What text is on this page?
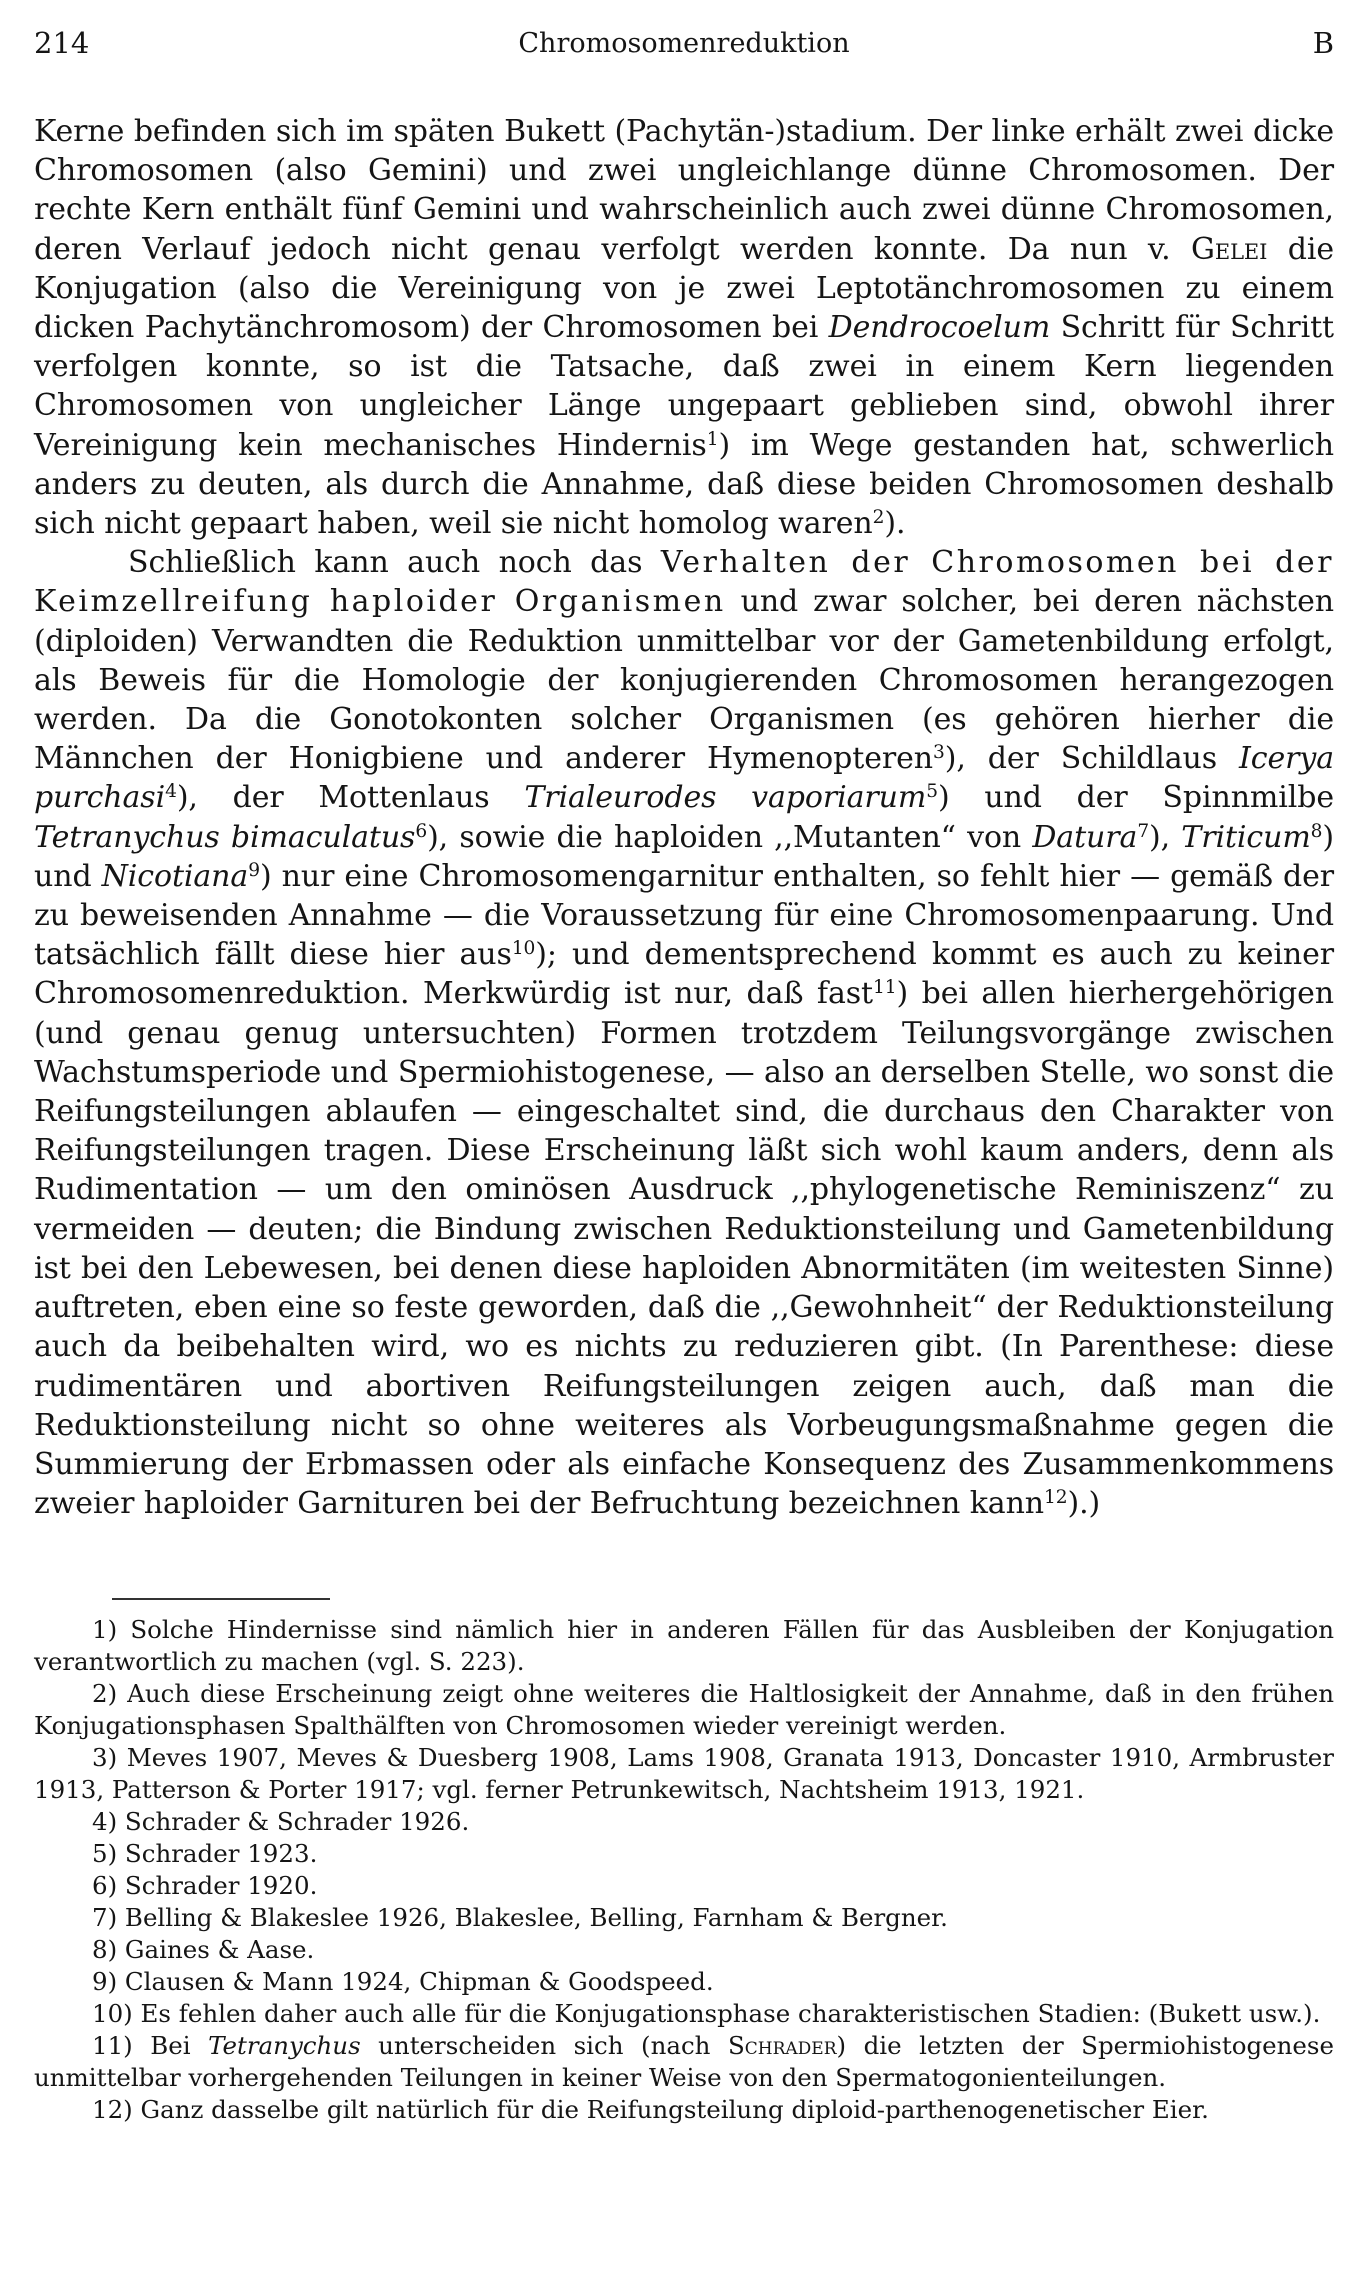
214	Chromosomenreduktion	B

Kerne befinden sich im späten Bukett (Pachytän-)stadium. Der linke erhält zwei dicke Chromosomen (also Gemini) und zwei ungleichlange dünne Chromosomen. Der rechte Kern enthält fünf Gemini und wahrscheinlich auch zwei dünne Chromosomen, deren Verlauf jedoch nicht genau verfolgt werden konnte. Da nun v. Gelei die Konjugation (also die Vereinigung von je zwei Leptotänchromosomen zu einem dicken Pachytänchromosom) der Chromosomen bei Dendrocoelum Schritt für Schritt verfolgen konnte, so ist die Tatsache, daß zwei in einem Kern liegenden Chromosomen von ungleicher Länge ungepaart geblieben sind, obwohl ihrer Vereinigung kein mechanisches Hindernis$^1$) im Wege gestanden hat, schwerlich anders zu deuten, als durch die Annahme, daß diese beiden Chromosomen deshalb sich nicht gepaart haben, weil sie nicht homolog waren$^2$).

Schließlich kann auch noch das Verhalten der Chromosomen bei der Keimzellreifung haploider Organismen und zwar solcher, bei deren nächsten (diploiden) Verwandten die Reduktion unmittelbar vor der Gametenbildung erfolgt, als Beweis für die Homologie der konjugierenden Chromosomen herangezogen werden. Da die Gonotokonten solcher Organismen (es gehören hierher die Männchen der Honigbiene und anderer Hymenopteren$^3$), der Schildlaus Icerya purchasi$^4$), der Mottenlaus Trialeurodes vaporiarum$^5$) und der Spinnmilbe Tetranychus bimaculatus$^6$), sowie die haploiden ,,Mutanten“ von Datura$^7$), Triticum$^8$) und Nicotiana$^9$) nur eine Chromosomengarnitur enthalten, so fehlt hier — gemäß der zu beweisenden Annahme — die Voraussetzung für eine Chromosomenpaarung. Und tatsächlich fällt diese hier aus$^{10}$); und dementsprechend kommt es auch zu keiner Chromosomenreduktion. Merkwürdig ist nur, daß fast$^{11}$) bei allen hierhergehörigen (und genau genug untersuchten) Formen trotzdem Teilungsvorgänge zwischen Wachstumsperiode und Spermiohistogenese, — also an derselben Stelle, wo sonst die Reifungsteilungen ablaufen — eingeschaltet sind, die durchaus den Charakter von Reifungsteilungen tragen. Diese Erscheinung läßt sich wohl kaum anders, denn als Rudimentation — um den ominösen Ausdruck ,,phylogenetische Reminiszenz“ zu vermeiden — deuten; die Bindung zwischen Reduktionsteilung und Gametenbildung ist bei den Lebewesen, bei denen diese haploiden Abnormitäten (im weitesten Sinne) auftreten, eben eine so feste geworden, daß die ,,Gewohnheit“ der Reduktionsteilung auch da beibehalten wird, wo es nichts zu reduzieren gibt. (In Parenthese: diese rudimentären und abortiven Reifungsteilungen zeigen auch, daß man die Reduktionsteilung nicht so ohne weiteres als Vorbeugungsmaßnahme gegen die Summierung der Erbmassen oder als einfache Konsequenz des Zusammenkommens zweier haploider Garnituren bei der Befruchtung bezeichnen kann$^{12}$).)

1) Solche Hindernisse sind nämlich hier in anderen Fällen für das Ausbleiben der Konjugation verantwortlich zu machen (vgl. S. 223).

2) Auch diese Erscheinung zeigt ohne weiteres die Haltlosigkeit der Annahme, daß in den frühen Konjugationsphasen Spalthälften von Chromosomen wieder vereinigt werden.

3) Meves 1907, Meves & Duesberg 1908, Lams 1908, Granata 1913, Doncaster 1910, Armbruster 1913, Patterson & Porter 1917; vgl. ferner Petrunkewitsch, Nachtsheim 1913, 1921.

4) Schrader & Schrader 1926.

5) Schrader 1923.

6) Schrader 1920.

7) Belling & Blakeslee 1926, Blakeslee, Belling, Farnham & Bergner.

8) Gaines & Aase.

9) Clausen & Mann 1924, Chipman & Goodspeed.

10) Es fehlen daher auch alle für die Konjugationsphase charakteristischen Stadien: (Bukett usw.).

11) Bei Tetranychus unterscheiden sich (nach Schrader) die letzten der Spermiohistogenese unmittelbar vorhergehenden Teilungen in keiner Weise von den Spermatogonienteilungen.

12) Ganz dasselbe gilt natürlich für die Reifungsteilung diploid-parthenogenetischer Eier.
